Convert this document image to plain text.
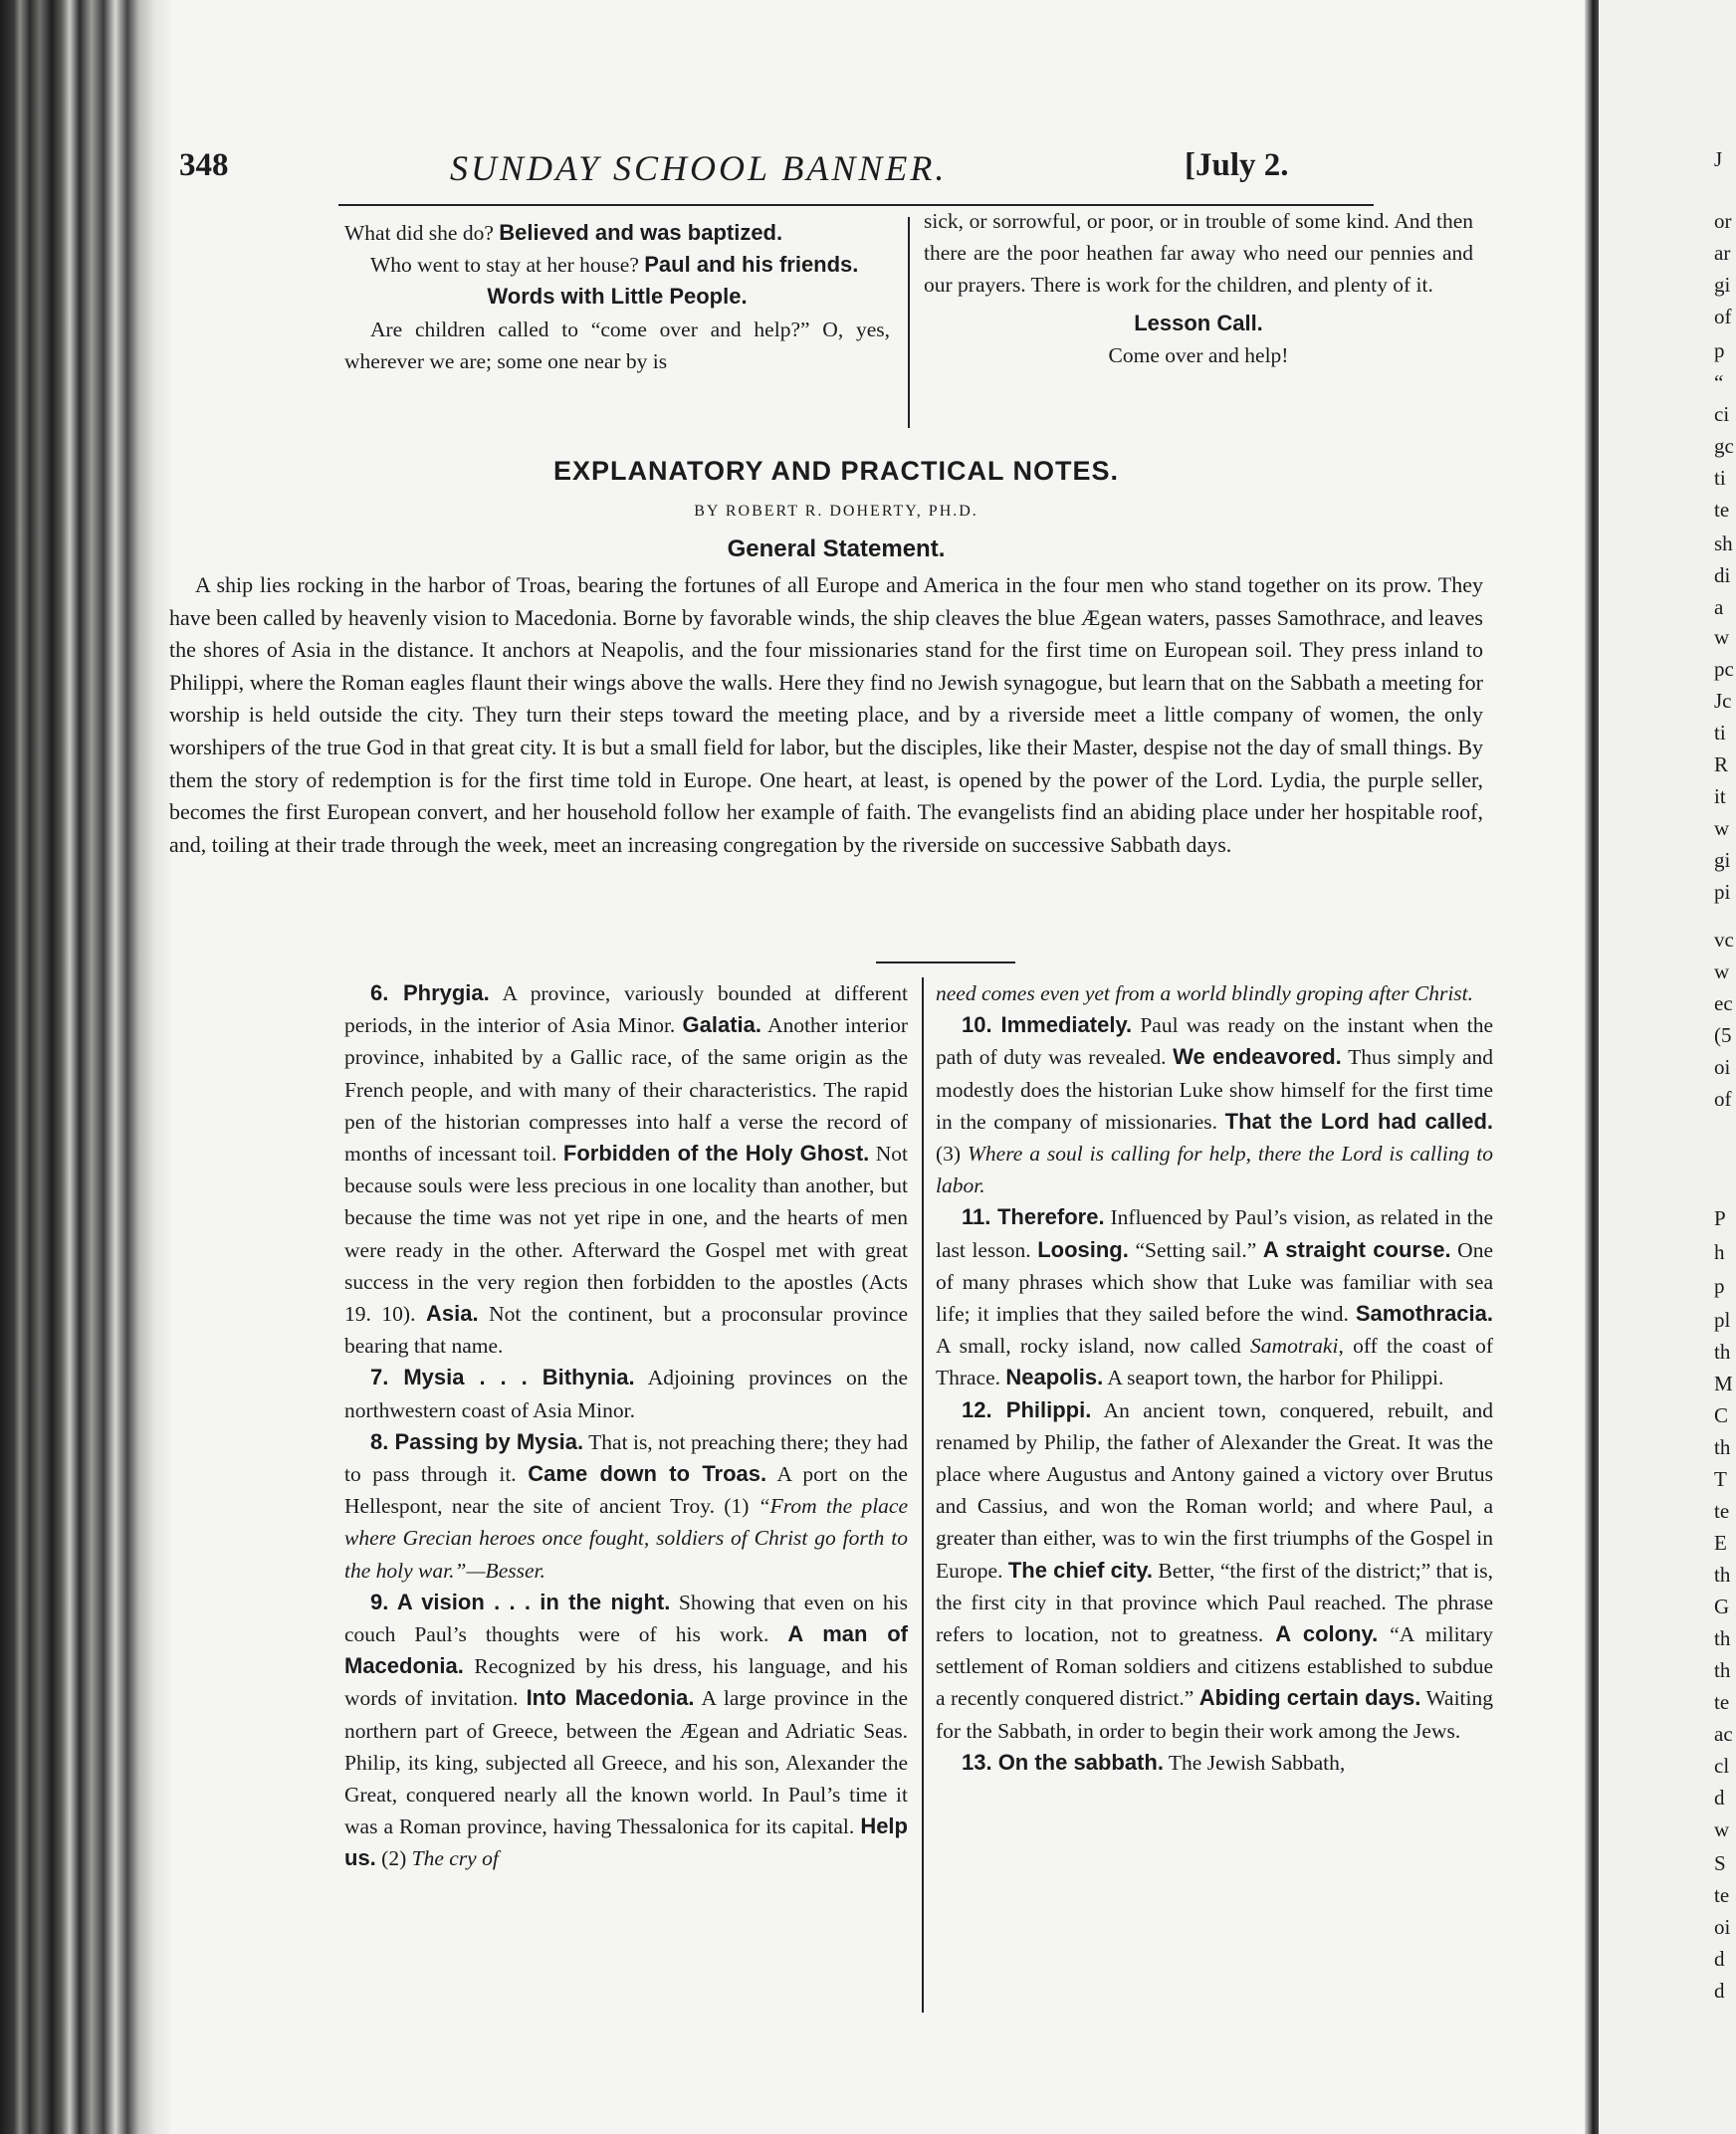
J
or
ar
gi
of
p
“
ci
gc
ti
te
sh
di
a
w
pc
Jc
ti
R
it
w
gi
pi
vc
w
ec
(5
oi
of
P
h
p
pl
th
M
C
th
T
te
E
th
G
th
th
te
ac
cl
d
w
S
te
oi
d
d
348	SUNDAY SCHOOL BANNER.	[July 2.

What did she do? Believed and was baptized.

Who went to stay at her house? Paul and his friends.

Words with Little People.

Are children called to “come over and help?” O, yes, wherever we are; some one near by is

sick, or sorrowful, or poor, or in trouble of some kind. And then there are the poor heathen far away who need our pennies and our prayers. There is work for the children, and plenty of it.

Lesson Call.

Come over and help!

EXPLANATORY AND PRACTICAL NOTES.
BY ROBERT R. DOHERTY, PH.D.
General Statement.
A ship lies rocking in the harbor of Troas, bearing the fortunes of all Europe and America in the four men who stand together on its prow. They have been called by heavenly vision to Macedonia. Borne by favorable winds, the ship cleaves the blue Ægean waters, passes Samothrace, and leaves the shores of Asia in the distance. It anchors at Neapolis, and the four missionaries stand for the first time on European soil. They press inland to Philippi, where the Roman eagles flaunt their wings above the walls. Here they find no Jewish synagogue, but learn that on the Sabbath a meeting for worship is held outside the city. They turn their steps toward the meeting place, and by a riverside meet a little company of women, the only worshipers of the true God in that great city. It is but a small field for labor, but the disciples, like their Master, despise not the day of small things. By them the story of redemption is for the first time told in Europe. One heart, at least, is opened by the power of the Lord. Lydia, the purple seller, becomes the first European convert, and her household follow her example of faith. The evangelists find an abiding place under her hospitable roof, and, toiling at their trade through the week, meet an increasing congregation by the riverside on successive Sabbath days.

6. Phrygia. A province, variously bounded at different periods, in the interior of Asia Minor. Galatia. Another interior province, inhabited by a Gallic race, of the same origin as the French people, and with many of their characteristics. The rapid pen of the historian compresses into half a verse the record of months of incessant toil. Forbidden of the Holy Ghost. Not because souls were less precious in one locality than another, but because the time was not yet ripe in one, and the hearts of men were ready in the other. Afterward the Gospel met with great success in the very region then forbidden to the apostles (Acts 19. 10). Asia. Not the continent, but a proconsular province bearing that name.

7. Mysia . . . Bithynia. Adjoining provinces on the northwestern coast of Asia Minor.

8. Passing by Mysia. That is, not preaching there; they had to pass through it. Came down to Troas. A port on the Hellespont, near the site of ancient Troy. (1) “From the place where Grecian heroes once fought, soldiers of Christ go forth to the holy war.”—Besser.

9. A vision . . . in the night. Showing that even on his couch Paul’s thoughts were of his work. A man of Macedonia. Recognized by his dress, his language, and his words of invitation. Into Macedonia. A large province in the northern part of Greece, between the Ægean and Adriatic Seas. Philip, its king, subjected all Greece, and his son, Alexander the Great, conquered nearly all the known world. In Paul’s time it was a Roman province, having Thessalonica for its capital. Help us. (2) The cry of

need comes even yet from a world blindly groping after Christ.

10. Immediately. Paul was ready on the instant when the path of duty was revealed. We endeavored. Thus simply and modestly does the historian Luke show himself for the first time in the company of missionaries. That the Lord had called. (3) Where a soul is calling for help, there the Lord is calling to labor.

11. Therefore. Influenced by Paul’s vision, as related in the last lesson. Loosing. “Setting sail.” A straight course. One of many phrases which show that Luke was familiar with sea life; it implies that they sailed before the wind. Samothracia. A small, rocky island, now called Samotraki, off the coast of Thrace. Neapolis. A seaport town, the harbor for Philippi.

12. Philippi. An ancient town, conquered, rebuilt, and renamed by Philip, the father of Alexander the Great. It was the place where Augustus and Antony gained a victory over Brutus and Cassius, and won the Roman world; and where Paul, a greater than either, was to win the first triumphs of the Gospel in Europe. The chief city. Better, “the first of the district;” that is, the first city in that province which Paul reached. The phrase refers to location, not to greatness. A colony. “A military settlement of Roman soldiers and citizens established to subdue a recently conquered district.” Abiding certain days. Waiting for the Sabbath, in order to begin their work among the Jews.

13. On the sabbath. The Jewish Sabbath,
